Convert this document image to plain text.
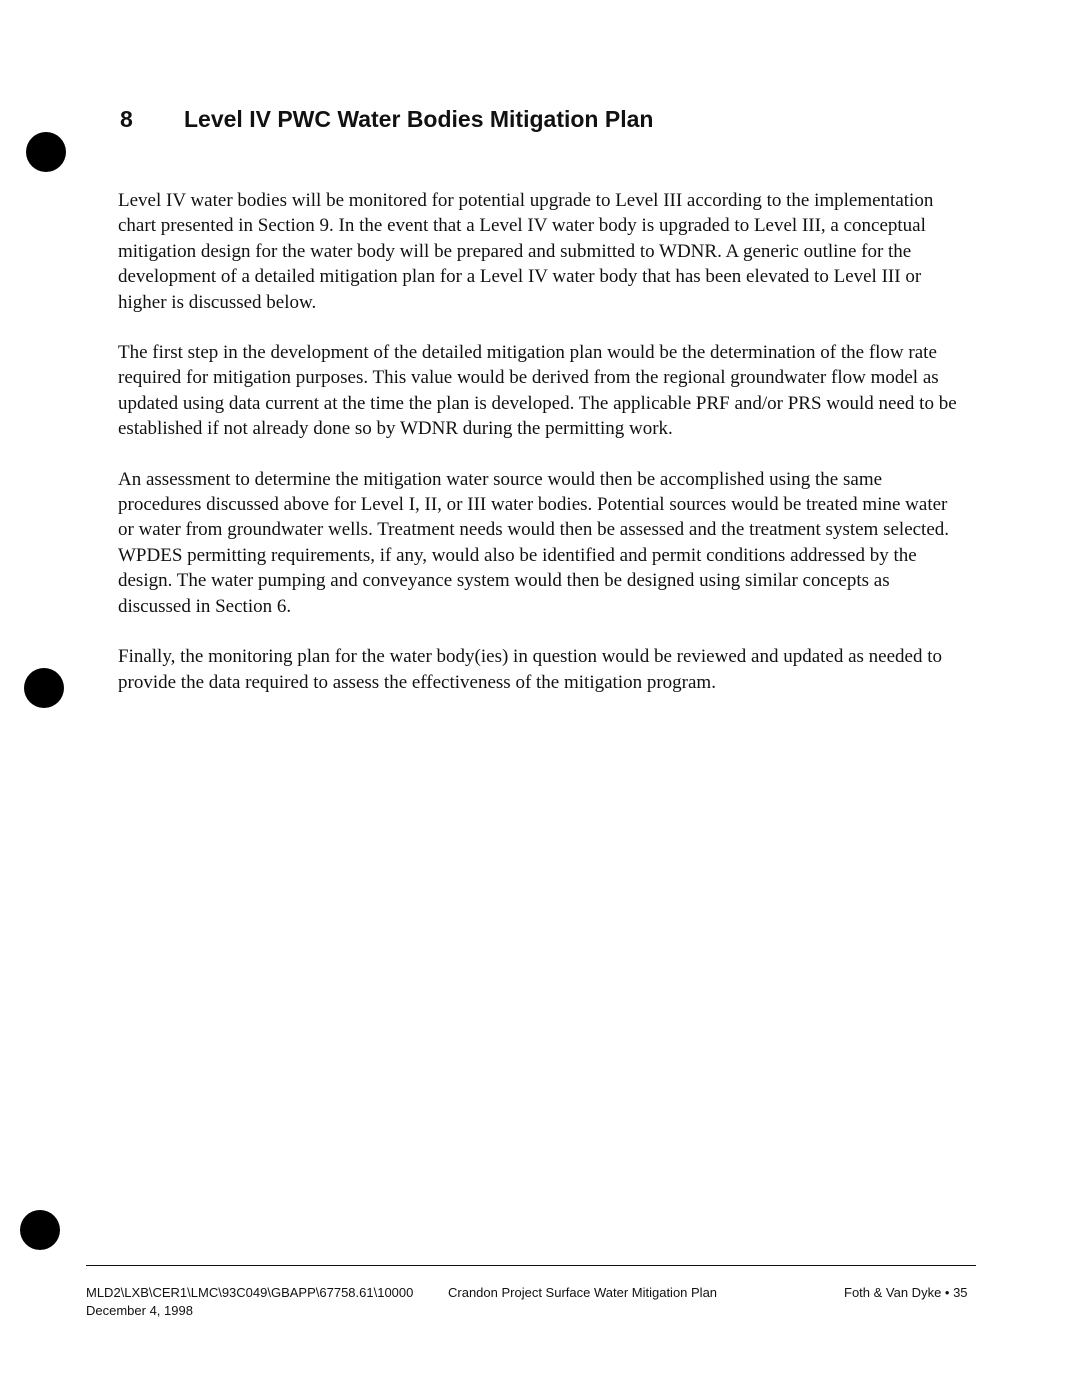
8	Level IV PWC Water Bodies Mitigation Plan

Level IV water bodies will be monitored for potential upgrade to Level III according to the implementation chart presented in Section 9. In the event that a Level IV water body is upgraded to Level III, a conceptual mitigation design for the water body will be prepared and submitted to WDNR. A generic outline for the development of a detailed mitigation plan for a Level IV water body that has been elevated to Level III or higher is discussed below.

The first step in the development of the detailed mitigation plan would be the determination of the flow rate required for mitigation purposes. This value would be derived from the regional groundwater flow model as updated using data current at the time the plan is developed. The applicable PRF and/or PRS would need to be established if not already done so by WDNR during the permitting work.

An assessment to determine the mitigation water source would then be accomplished using the same procedures discussed above for Level I, II, or III water bodies. Potential sources would be treated mine water or water from groundwater wells. Treatment needs would then be assessed and the treatment system selected. WPDES permitting requirements, if any, would also be identified and permit conditions addressed by the design. The water pumping and conveyance system would then be designed using similar concepts as discussed in Section 6.

Finally, the monitoring plan for the water body(ies) in question would be reviewed and updated as needed to provide the data required to assess the effectiveness of the mitigation program.

MLD2\LXB\CER1\LMC\93C049\GBAPP\67758.61\10000
December 4, 1998
Crandon Project Surface Water Mitigation Plan	Foth & Van Dyke • 35
